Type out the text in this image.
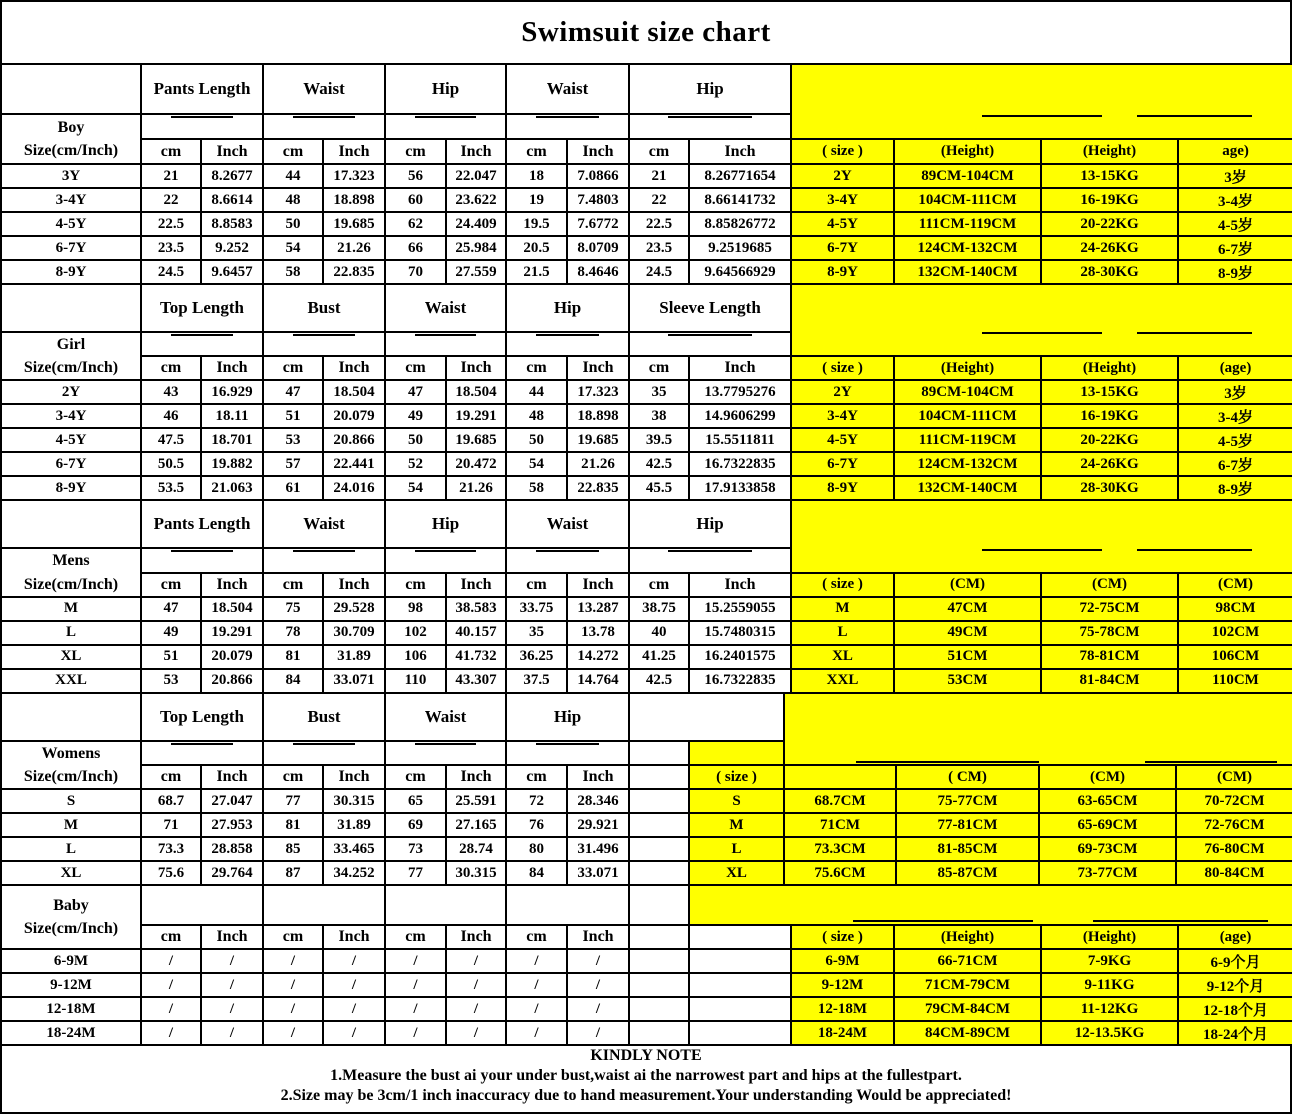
Swimsuit size chart
	Pants Length		Waist		Hip		Waist		Hip					

Boy
Size(cm/Inch)														

	cm	Inch	cm	Inch	cm	Inch	cm	Inch	cm	Inch	( size )	(Height)	(Height)	age)
3Y	21	8.2677	44	17.323	56	22.047	18	7.0866	21	8.26771654	2Y	89CM-104CM	13-15KG	3岁
3-4Y	22	8.6614	48	18.898	60	23.622	19	7.4803	22	8.66141732	3-4Y	104CM-111CM	16-19KG	3-4岁
4-5Y	22.5	8.8583	50	19.685	62	24.409	19.5	7.6772	22.5	8.85826772	4-5Y	111CM-119CM	20-22KG	4-5岁
6-7Y	23.5	9.252	54	21.26	66	25.984	20.5	8.0709	23.5	9.2519685	6-7Y	124CM-132CM	24-26KG	6-7岁
8-9Y	24.5	9.6457	58	22.835	70	27.559	21.5	8.4646	24.5	9.64566929	8-9Y	132CM-140CM	28-30KG	8-9岁
	Top Length		Bust		Waist		Hip		Sleeve Length					

Girl
Size(cm/Inch)														

	cm	Inch	cm	Inch	cm	Inch	cm	Inch	cm	Inch	( size )	(Height)	(Height)	(age)
2Y	43	16.929	47	18.504	47	18.504	44	17.323	35	13.7795276	2Y	89CM-104CM	13-15KG	3岁
3-4Y	46	18.11	51	20.079	49	19.291	48	18.898	38	14.9606299	3-4Y	104CM-111CM	16-19KG	3-4岁
4-5Y	47.5	18.701	53	20.866	50	19.685	50	19.685	39.5	15.5511811	4-5Y	111CM-119CM	20-22KG	4-5岁
6-7Y	50.5	19.882	57	22.441	52	20.472	54	21.26	42.5	16.7322835	6-7Y	124CM-132CM	24-26KG	6-7岁
8-9Y	53.5	21.063	61	24.016	54	21.26	58	22.835	45.5	17.9133858	8-9Y	132CM-140CM	28-30KG	8-9岁
	Pants Length		Waist		Hip		Waist		Hip					

Mens
Size(cm/Inch)														

	cm	Inch	cm	Inch	cm	Inch	cm	Inch	cm	Inch	( size )	(CM)	(CM)	(CM)
M	47	18.504	75	29.528	98	38.583	33.75	13.287	38.75	15.2559055	M	47CM	72-75CM	98CM
L	49	19.291	78	30.709	102	40.157	35	13.78	40	15.7480315	L	49CM	75-78CM	102CM
XL	51	20.079	81	31.89	106	41.732	36.25	14.272	41.25	16.2401575	XL	51CM	78-81CM	106CM
XXL	53	20.866	84	33.071	110	43.307	37.5	14.764	42.5	16.7322835	XXL	53CM	81-84CM	110CM
	Top Length		Bust		Waist		Hip							

Womens
Size(cm/Inch)														

	cm	Inch	cm	Inch	cm	Inch	cm	Inch		( size )		( CM)	(CM)	(CM)
S	68.7	27.047	77	30.315	65	25.591	72	28.346		S	68.7CM	75-77CM	63-65CM	70-72CM
M	71	27.953	81	31.89	69	27.165	76	29.921		M	71CM	77-81CM	65-69CM	72-76CM
L	73.3	28.858	85	33.465	73	28.74	80	31.496		L	73.3CM	81-85CM	69-73CM	76-80CM
XL	75.6	29.764	87	34.252	77	30.315	84	33.071		XL	75.6CM	85-87CM	73-77CM	80-84CM
Baby
Size(cm/Inch)														

	cm	Inch	cm	Inch	cm	Inch	cm	Inch			( size )	(Height)	(Height)	(age)
6-9M	/	/	/	/	/	/	/	/			6-9M	66-71CM	7-9KG	6-9个月
9-12M	/	/	/	/	/	/	/	/			9-12M	71CM-79CM	9-11KG	9-12个月
12-18M	/	/	/	/	/	/	/	/			12-18M	79CM-84CM	11-12KG	12-18个月
18-24M	/	/	/	/	/	/	/	/			18-24M	84CM-89CM	12-13.5KG	18-24个月
KINDLY NOTE
1.Measure the bust ai your under bust,waist ai the narrowest part and hips at the fullestpart.
2.Size may be 3cm/1 inch inaccuracy due to hand measurement.Your understanding Would be appreciated!
